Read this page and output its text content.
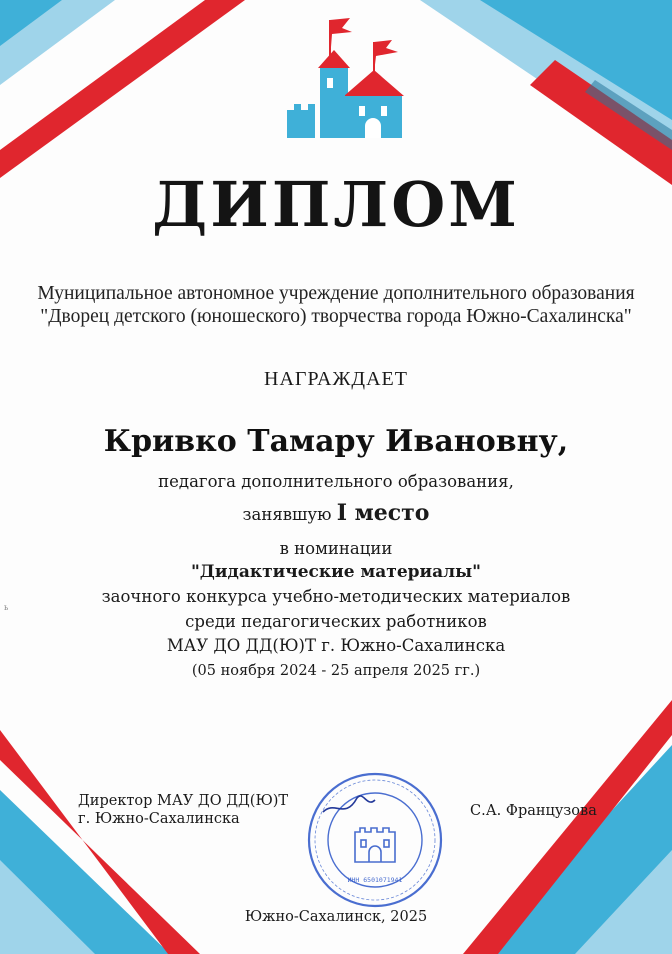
ДИПЛОМ
Муниципальное автономное учреждение дополнительного образования
"Дворец детского (юношеского) творчества города Южно-Сахалинска"
НАГРАЖДАЕТ
Кривко Тамару Ивановну,
педагога дополнительного образования,
занявшую I место
в номинации
"Дидактические материалы"
заочного конкурса учебно-методических материалов
среди педагогических работников
МАУ ДО ДД(Ю)Т г. Южно-Сахалинска
(05 ноября 2024 - 25 апреля 2025 гг.)
Директор МАУ ДО ДД(Ю)Т
г. Южно-Сахалинска
ИНН 6501071941
С.А. Французова
Южно-Сахалинск, 2025
ь
